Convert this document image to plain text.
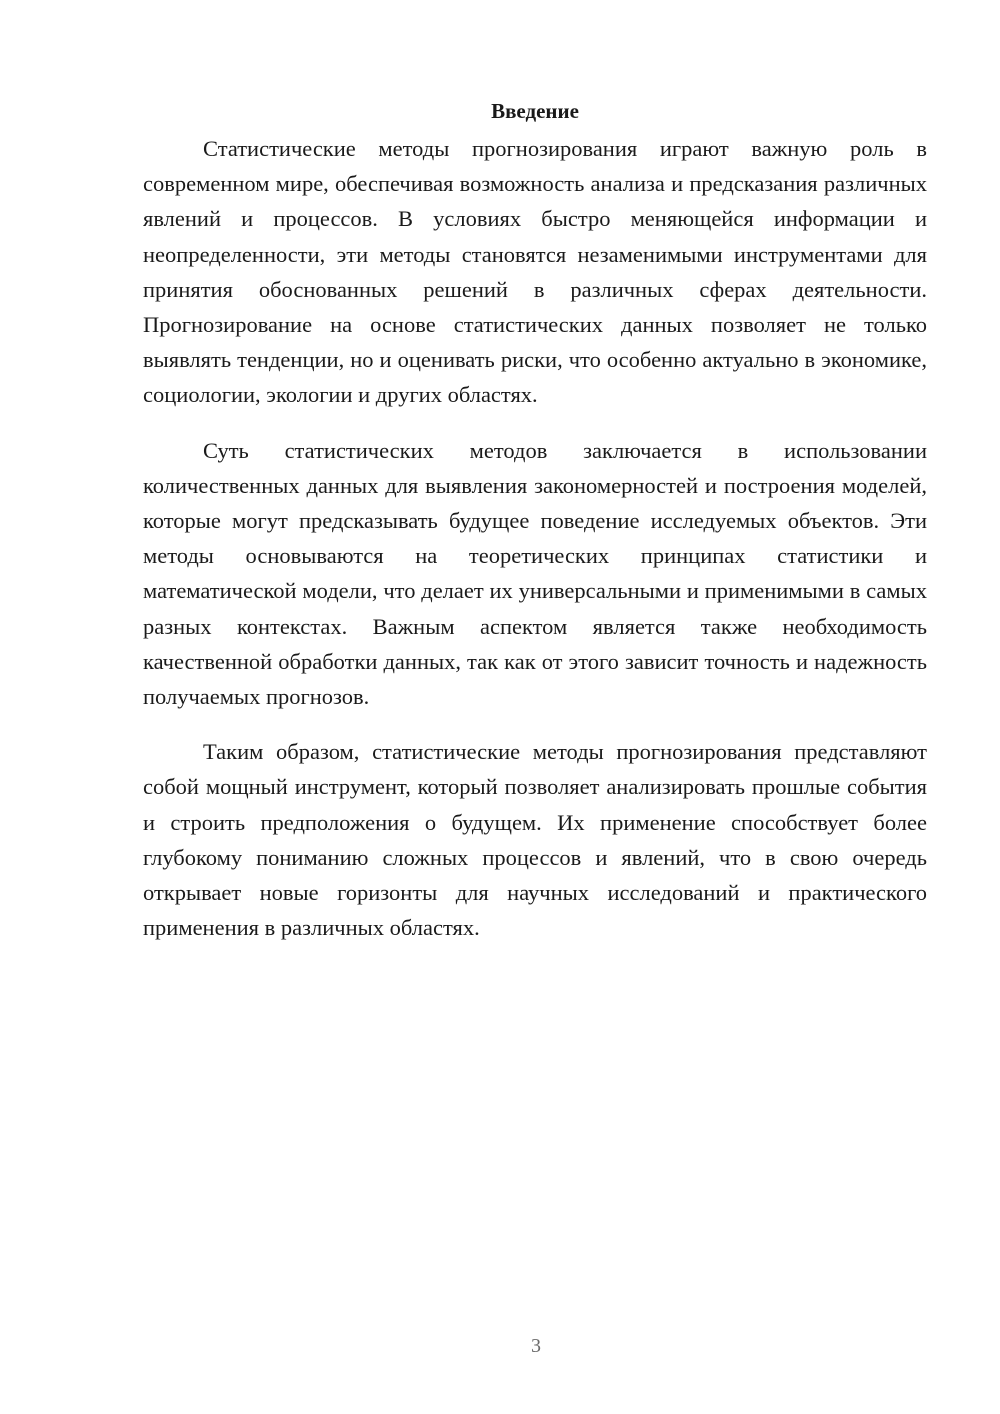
Введение

Статистические методы прогнозирования играют важную роль в современном мире, обеспечивая возможность анализа и предсказания различных явлений и процессов. В условиях быстро меняющейся информации и неопределенности, эти методы становятся незаменимыми инструментами для принятия обоснованных решений в различных сферах деятельности. Прогнозирование на основе статистических данных позволяет не только выявлять тенденции, но и оценивать риски, что особенно актуально в экономике, социологии, экологии и других областях.

Суть статистических методов заключается в использовании количественных данных для выявления закономерностей и построения моделей, которые могут предсказывать будущее поведение исследуемых объектов. Эти методы основываются на теоретических принципах статистики и математической модели, что делает их универсальными и применимыми в самых разных контекстах. Важным аспектом является также необходимость качественной обработки данных, так как от этого зависит точность и надежность получаемых прогнозов.

Таким образом, статистические методы прогнозирования представляют собой мощный инструмент, который позволяет анализировать прошлые события и строить предположения о будущем. Их применение способствует более глубокому пониманию сложных процессов и явлений, что в свою очередь открывает новые горизонты для научных исследований и практического применения в различных областях.

3
